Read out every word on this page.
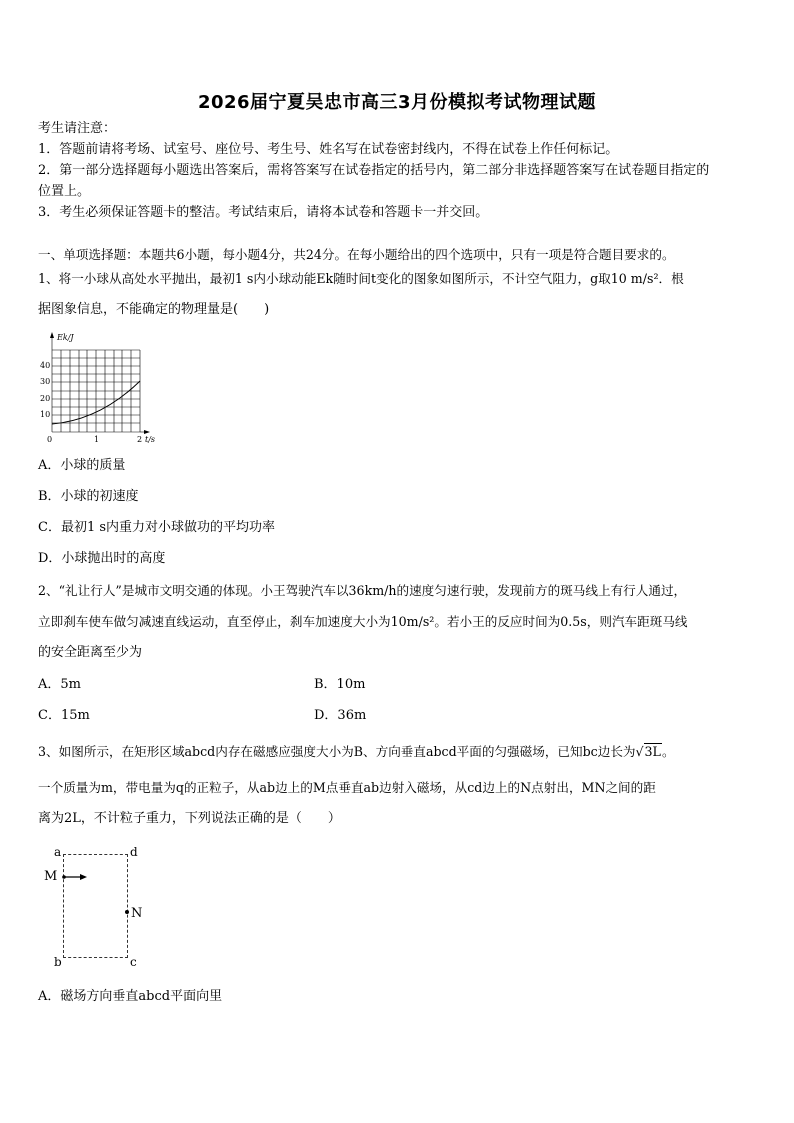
2026届宁夏吴忠市高三3月份模拟考试物理试题
考生请注意：
1．答题前请将考场、试室号、座位号、考生号、姓名写在试卷密封线内，不得在试卷上作任何标记。
2．第一部分选择题每小题选出答案后，需将答案写在试卷指定的括号内，第二部分非选择题答案写在试卷题目指定的
位置上。
3．考生必须保证答题卡的整洁。考试结束后，请将本试卷和答题卡一并交回。
一、单项选择题：本题共6小题，每小题4分，共24分。在每小题给出的四个选项中，只有一项是符合题目要求的。
1、将一小球从高处水平抛出，最初1 s内小球动能Ek随时间t变化的图象如图所示，不计空气阻力，g取10 m/s²．根
据图象信息，不能确定的物理量是(　　)
Ek/J
40
30
20
10
0	1	2 t/s
A．小球的质量
B．小球的初速度
C．最初1 s内重力对小球做功的平均功率
D．小球抛出时的高度
2、“礼让行人”是城市文明交通的体现。小王驾驶汽车以36km/h的速度匀速行驶，发现前方的斑马线上有行人通过，
立即刹车使车做匀减速直线运动，直至停止，刹车加速度大小为10m/s²。若小王的反应时间为0.5s，则汽车距斑马线
的安全距离至少为
A．5m	B．10m
C．15m	D．36m
3、如图所示，在矩形区域abcd内存在磁感应强度大小为B、方向垂直abcd平面的匀强磁场，已知bc边长为√3L。
一个质量为m，带电量为q的正粒子，从ab边上的M点垂直ab边射入磁场，从cd边上的N点射出，MN之间的距
离为2L，不计粒子重力，下列说法正确的是（　　）
a	d
b	c
M
N
A．磁场方向垂直abcd平面向里
